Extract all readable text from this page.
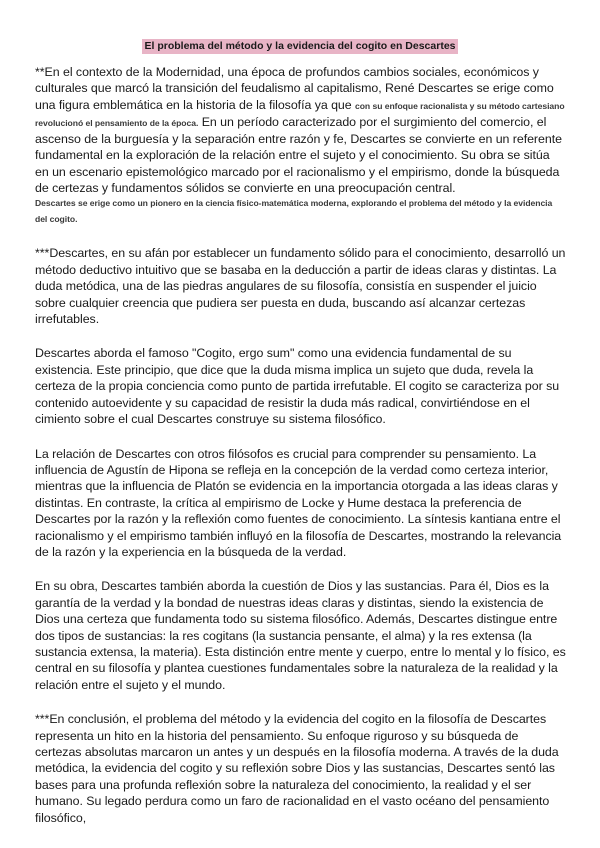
El problema del método y la evidencia del cogito en Descartes

**En el contexto de la Modernidad, una época de profundos cambios sociales, económicos y culturales que marcó la transición del feudalismo al capitalismo, René Descartes se erige como una figura emblemática en la historia de la filosofía ya que con su enfoque racionalista y su método cartesiano revolucionó el pensamiento de la época. En un período caracterizado por el surgimiento del comercio, el ascenso de la burguesía y la separación entre razón y fe, Descartes se convierte en un referente fundamental en la exploración de la relación entre el sujeto y el conocimiento. Su obra se sitúa en un escenario epistemológico marcado por el racionalismo y el empirismo, donde la búsqueda de certezas y fundamentos sólidos se convierte en una preocupación central.
Descartes se erige como un pionero en la ciencia físico-matemática moderna, explorando el problema del método y la evidencia del cogito.

***Descartes, en su afán por establecer un fundamento sólido para el conocimiento, desarrolló un método deductivo intuitivo que se basaba en la deducción a partir de ideas claras y distintas. La duda metódica, una de las piedras angulares de su filosofía, consistía en suspender el juicio sobre cualquier creencia que pudiera ser puesta en duda, buscando así alcanzar certezas irrefutables.

Descartes aborda el famoso "Cogito, ergo sum" como una evidencia fundamental de su existencia. Este principio, que dice que la duda misma implica un sujeto que duda, revela la certeza de la propia conciencia como punto de partida irrefutable. El cogito se caracteriza por su contenido autoevidente y su capacidad de resistir la duda más radical, convirtiéndose en el cimiento sobre el cual Descartes construye su sistema filosófico.

La relación de Descartes con otros filósofos es crucial para comprender su pensamiento. La influencia de Agustín de Hipona se refleja en la concepción de la verdad como certeza interior, mientras que la influencia de Platón se evidencia en la importancia otorgada a las ideas claras y distintas. En contraste, la crítica al empirismo de Locke y Hume destaca la preferencia de Descartes por la razón y la reflexión como fuentes de conocimiento. La síntesis kantiana entre el racionalismo y el empirismo también influyó en la filosofía de Descartes, mostrando la relevancia de la razón y la experiencia en la búsqueda de la verdad.

En su obra, Descartes también aborda la cuestión de Dios y las sustancias. Para él, Dios es la garantía de la verdad y la bondad de nuestras ideas claras y distintas, siendo la existencia de Dios una certeza que fundamenta todo su sistema filosófico. Además, Descartes distingue entre dos tipos de sustancias: la res cogitans (la sustancia pensante, el alma) y la res extensa (la sustancia extensa, la materia). Esta distinción entre mente y cuerpo, entre lo mental y lo físico, es central en su filosofía y plantea cuestiones fundamentales sobre la naturaleza de la realidad y la relación entre el sujeto y el mundo.

***En conclusión, el problema del método y la evidencia del cogito en la filosofía de Descartes representa un hito en la historia del pensamiento. Su enfoque riguroso y su búsqueda de certezas absolutas marcaron un antes y un después en la filosofía moderna. A través de la duda metódica, la evidencia del cogito y su reflexión sobre Dios y las sustancias, Descartes sentó las bases para una profunda reflexión sobre la naturaleza del conocimiento, la realidad y el ser humano. Su legado perdura como un faro de racionalidad en el vasto océano del pensamiento filosófico,
